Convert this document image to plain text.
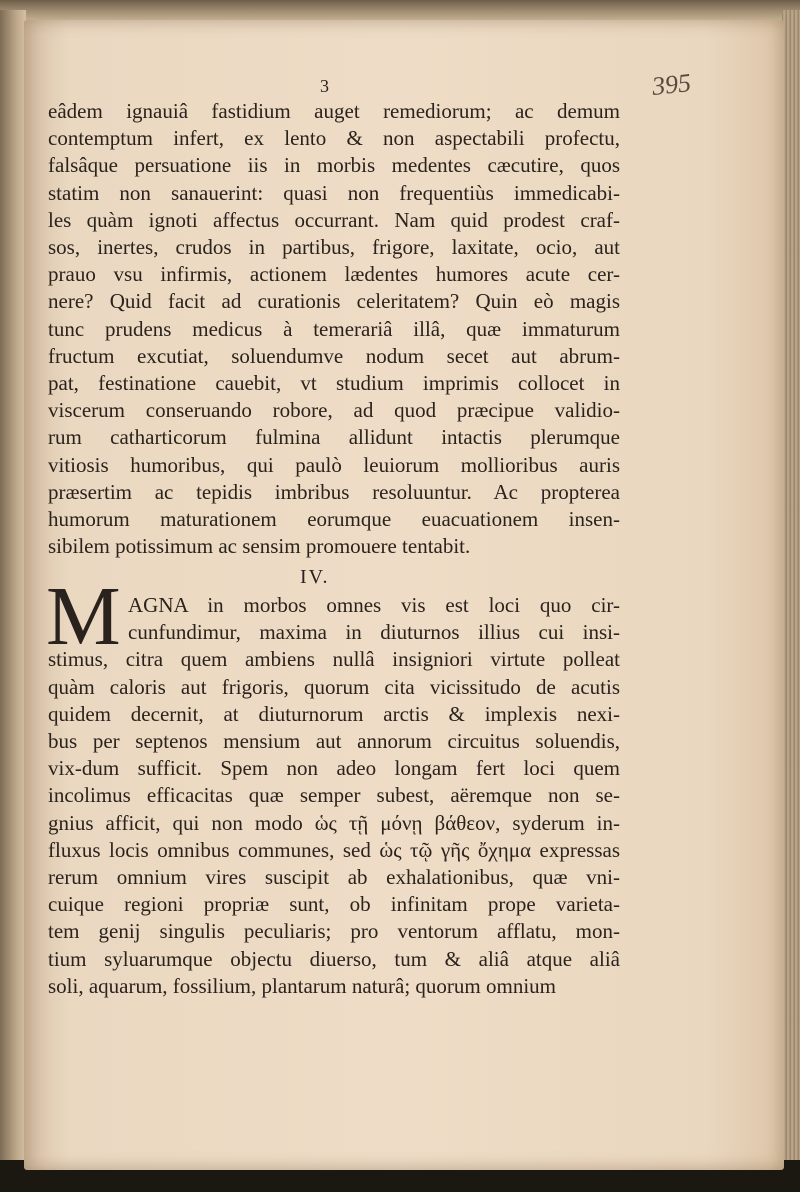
3	395
eâdem ignauiâ fastidium auget remediorum; ac demum
contemptum infert, ex lento & non aspectabili profectu,
falsâque persuatione iis in morbis medentes cæcutire, quos
statim non sanauerint: quasi non frequentiùs immedicabi-
les quàm ignoti affectus occurrant. Nam quid prodest craf-
sos, inertes, crudos in partibus, frigore, laxitate, ocio, aut
prauo vsu infirmis, actionem lædentes humores acute cer-
nere? Quid facit ad curationis celeritatem? Quin eò magis
tunc prudens medicus à temerariâ illâ, quæ immaturum
fructum excutiat, soluendumve nodum secet aut abrum-
pat, festinatione cauebit, vt studium imprimis collocet in
viscerum conseruando robore, ad quod præcipue validio-
rum catharticorum fulmina allidunt intactis plerumque
vitiosis humoribus, qui paulò leuiorum mollioribus auris
præsertim ac tepidis imbribus resoluuntur. Ac propterea
humorum maturationem eorumque euacuationem insen-
sibilem potissimum ac sensim promouere tentabit.
IV.
M AGNA in morbos omnes vis est loci quo cir-
cunfundimur, maxima in diuturnos illius cui insi-
stimus, citra quem ambiens nullâ insigniori virtute polleat
quàm caloris aut frigoris, quorum cita vicissitudo de acutis
quidem decernit, at diuturnorum arctis & implexis nexi-
bus per septenos mensium aut annorum circuitus soluendis,
vix-dum sufficit. Spem non adeo longam fert loci quem
incolimus efficacitas quæ semper subest, aëremque non se-
gnius afficit, qui non modo ὡς τῇ μόνῃ βάθεον, syderum in-
fluxus locis omnibus communes, sed ὡς τῷ γῆς ὄχημα expressas
rerum omnium vires suscipit ab exhalationibus, quæ vni-
cuique regioni propriæ sunt, ob infinitam prope varieta-
tem genij singulis peculiaris; pro ventorum afflatu, mon-
tium syluarumque objectu diuerso, tum & aliâ atque aliâ
soli, aquarum, fossilium, plantarum naturâ; quorum omnium
